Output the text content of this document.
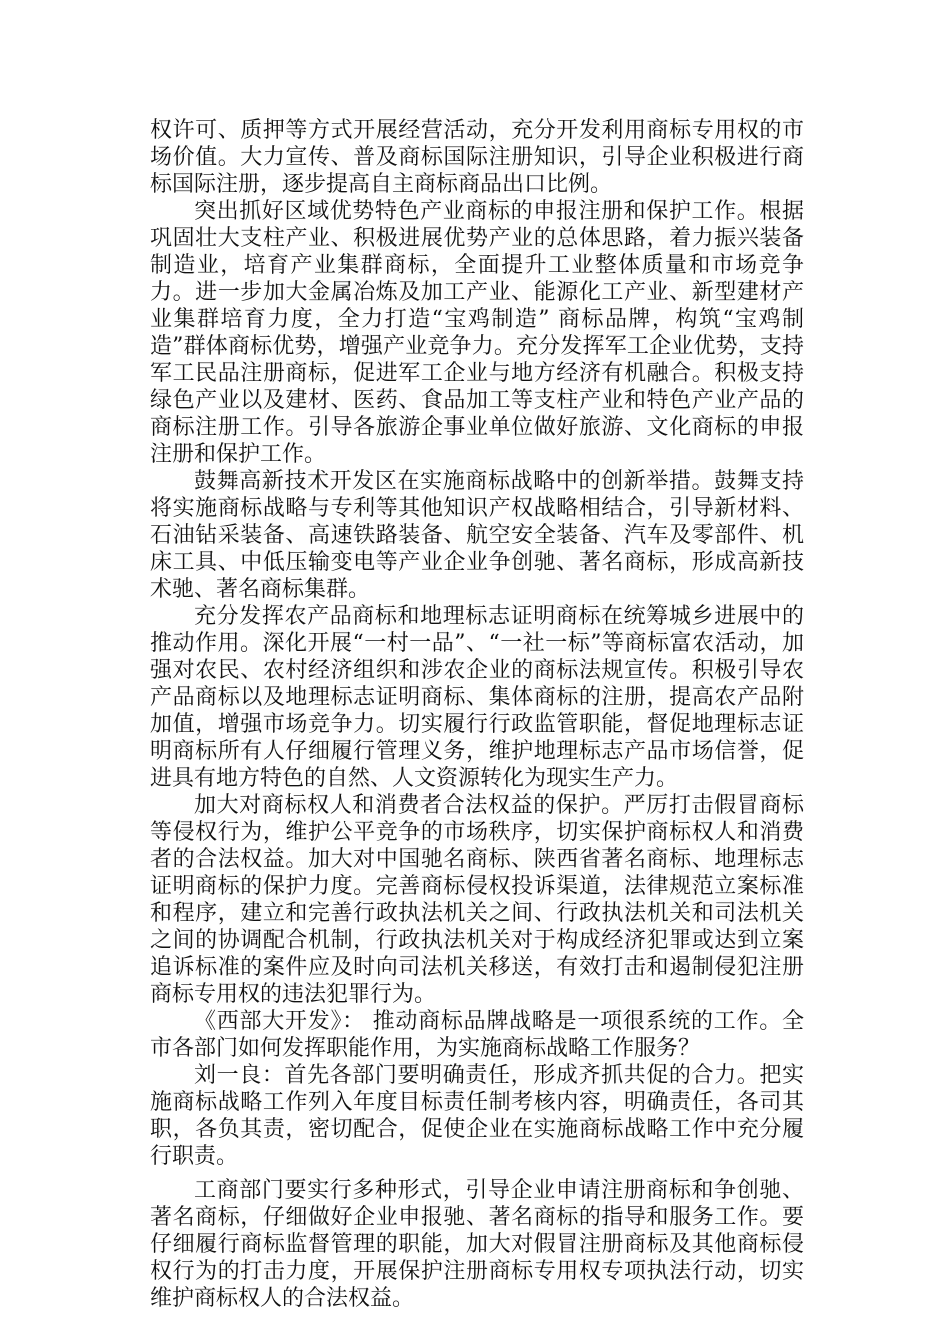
权许可、质押等方式开展经营活动，充分开发利用商标专用权的市场价值。大力宣传、普及商标国际注册知识，引导企业积极进行商标国际注册，逐步提高自主商标商品出口比例。

突出抓好区域优势特色产业商标的申报注册和保护工作。根据巩固壮大支柱产业、积极进展优势产业的总体思路，着力振兴装备制造业，培育产业集群商标，全面提升工业整体质量和市场竞争力。进一步加大金属冶炼及加工产业、能源化工产业、新型建材产业集群培育力度，全力打造“宝鸡制造” 商标品牌，构筑“宝鸡制造”群体商标优势，增强产业竞争力。充分发挥军工企业优势，支持军工民品注册商标，促进军工企业与地方经济有机融合。积极支持绿色产业以及建材、医药、食品加工等支柱产业和特色产业产品的商标注册工作。引导各旅游企事业单位做好旅游、文化商标的申报注册和保护工作。

鼓舞高新技术开发区在实施商标战略中的创新举措。鼓舞支持将实施商标战略与专利等其他知识产权战略相结合，引导新材料、石油钻采装备、高速铁路装备、航空安全装备、汽车及零部件、机床工具、中低压输变电等产业企业争创驰、著名商标，形成高新技术驰、著名商标集群。

充分发挥农产品商标和地理标志证明商标在统筹城乡进展中的推动作用。深化开展“一村一品”、“一社一标”等商标富农活动，加强对农民、农村经济组织和涉农企业的商标法规宣传。积极引导农产品商标以及地理标志证明商标、集体商标的注册，提高农产品附加值，增强市场竞争力。切实履行行政监管职能，督促地理标志证明商标所有人仔细履行管理义务，维护地理标志产品市场信誉，促进具有地方特色的自然、人文资源转化为现实生产力。

加大对商标权人和消费者合法权益的保护。严厉打击假冒商标等侵权行为，维护公平竞争的市场秩序，切实保护商标权人和消费者的合法权益。加大对中国驰名商标、陕西省著名商标、地理标志证明商标的保护力度。完善商标侵权投诉渠道，法律规范立案标准和程序，建立和完善行政执法机关之间、行政执法机关和司法机关之间的协调配合机制，行政执法机关对于构成经济犯罪或达到立案追诉标准的案件应及时向司法机关移送，有效打击和遏制侵犯注册商标专用权的违法犯罪行为。

《西部大开发》： 推动商标品牌战略是一项很系统的工作。全市各部门如何发挥职能作用，为实施商标战略工作服务？

刘一良：首先各部门要明确责任，形成齐抓共促的合力。把实施商标战略工作列入年度目标责任制考核内容，明确责任，各司其职，各负其责，密切配合，促使企业在实施商标战略工作中充分履行职责。

工商部门要实行多种形式，引导企业申请注册商标和争创驰、著名商标，仔细做好企业申报驰、著名商标的指导和服务工作。要仔细履行商标监督管理的职能，加大对假冒注册商标及其他商标侵权行为的打击力度，开展保护注册商标专用权专项执法行动，切实维护商标权人的合法权益。
